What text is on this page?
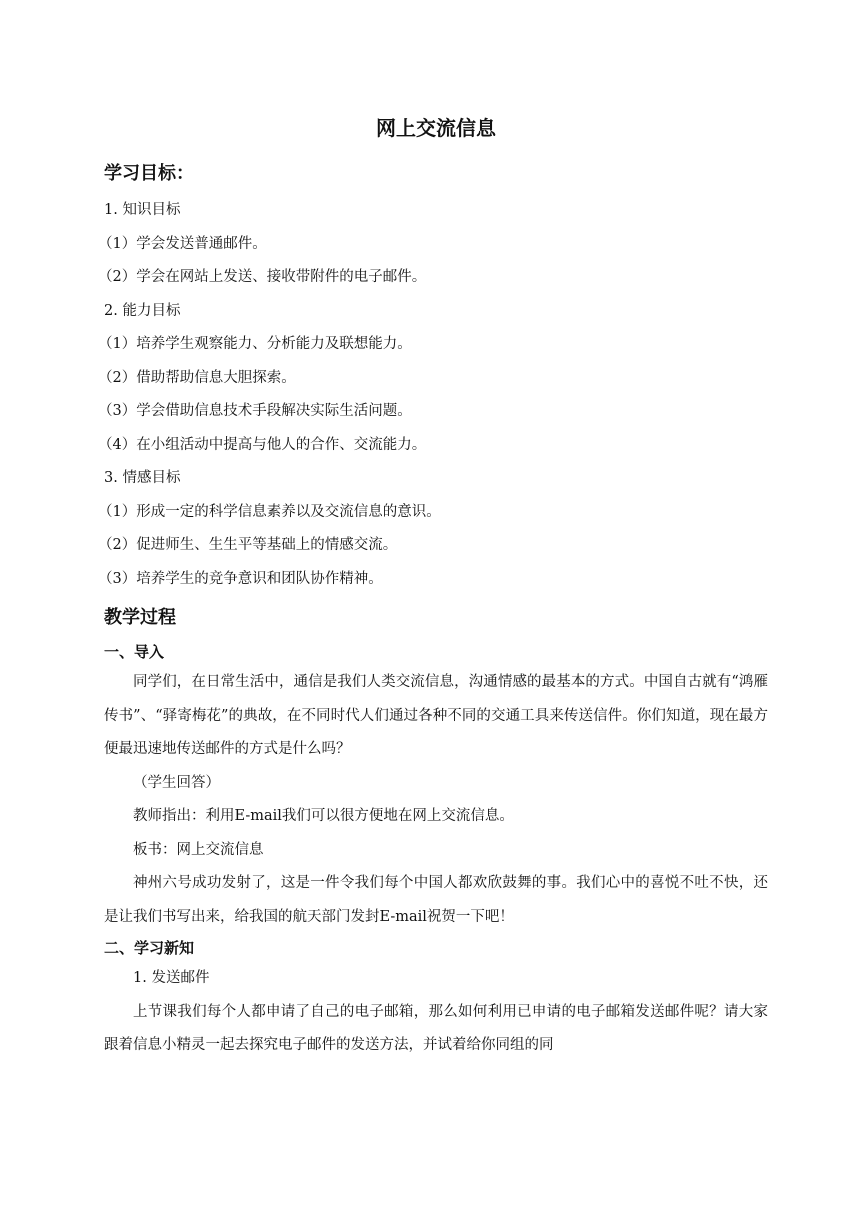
网上交流信息
学习目标：
1. 知识目标
（1）学会发送普通邮件。
（2）学会在网站上发送、接收带附件的电子邮件。
2. 能力目标
（1）培养学生观察能力、分析能力及联想能力。
（2）借助帮助信息大胆探索。
（3）学会借助信息技术手段解决实际生活问题。
（4）在小组活动中提高与他人的合作、交流能力。
3. 情感目标
（1）形成一定的科学信息素养以及交流信息的意识。
（2）促进师生、生生平等基础上的情感交流。
（3）培养学生的竞争意识和团队协作精神。
教学过程
一、导入

同学们，在日常生活中，通信是我们人类交流信息，沟通情感的最基本的方式。中国自古就有“鸿雁传书”、“驿寄梅花”的典故，在不同时代人们通过各种不同的交通工具来传送信件。你们知道，现在最方便最迅速地传送邮件的方式是什么吗？

（学生回答）

教师指出：利用E-mail我们可以很方便地在网上交流信息。

板书：网上交流信息

神州六号成功发射了，这是一件令我们每个中国人都欢欣鼓舞的事。我们心中的喜悦不吐不快，还是让我们书写出来，给我国的航天部门发封E-mail祝贺一下吧！

二、学习新知

1. 发送邮件

上节课我们每个人都申请了自己的电子邮箱，那么如何利用已申请的电子邮箱发送邮件呢？请大家跟着信息小精灵一起去探究电子邮件的发送方法，并试着给你同组的同
